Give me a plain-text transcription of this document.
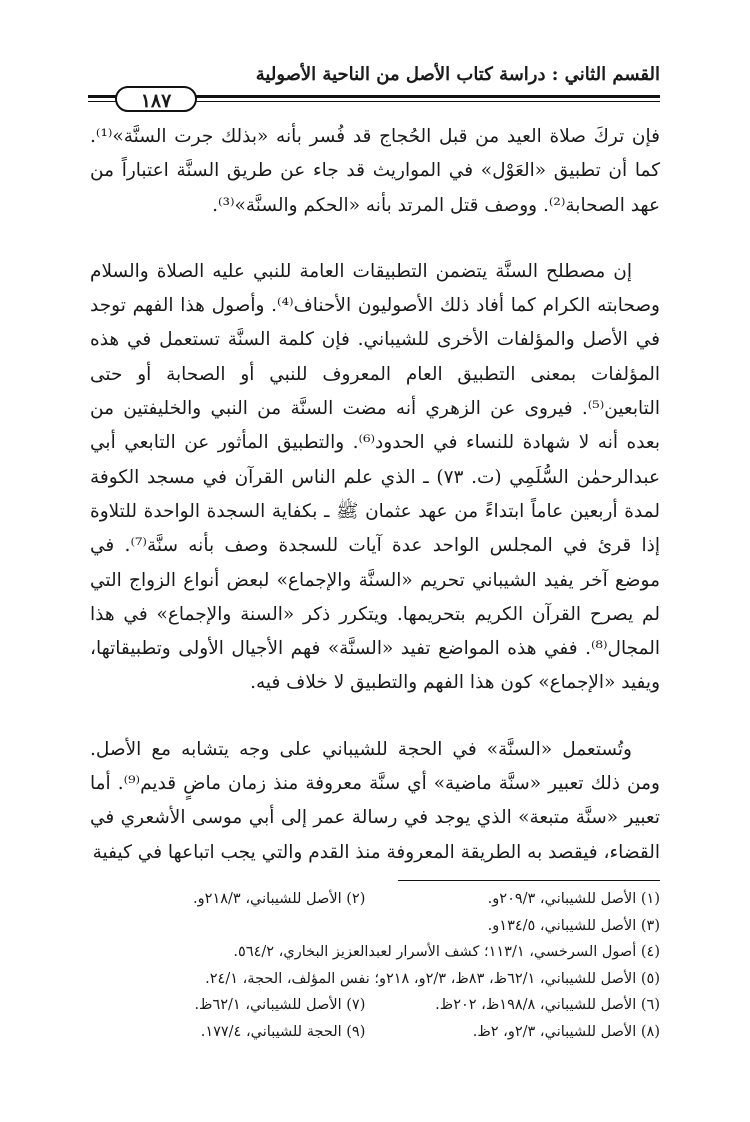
القسم الثاني : دراسة كتاب الأصل من الناحية الأصولية
١٨٧

فإن تركَ صلاة العيد من قبل الحُجاج قد فُسر بأنه «بذلك جرت السنَّة»⁽¹⁾. كما أن تطبيق «العَوْل» في المواريث قد جاء عن طريق السنَّة اعتباراً من عهد الصحابة⁽²⁾. ووصف قتل المرتد بأنه «الحكم والسنَّة»⁽³⁾.

إن مصطلح السنَّة يتضمن التطبيقات العامة للنبي عليه الصلاة والسلام وصحابته الكرام كما أفاد ذلك الأصوليون الأحناف⁽⁴⁾. وأصول هذا الفهم توجد في الأصل والمؤلفات الأخرى للشيباني. فإن كلمة السنَّة تستعمل في هذه المؤلفات بمعنى التطبيق العام المعروف للنبي أو الصحابة أو حتى التابعين⁽⁵⁾. فيروى عن الزهري أنه مضت السنَّة من النبي والخليفتين من بعده أنه لا شهادة للنساء في الحدود⁽⁶⁾. والتطبيق المأثور عن التابعي أبي عبدالرحمٰن السُّلَمِي (ت. ٧٣) ـ الذي علم الناس القرآن في مسجد الكوفة لمدة أربعين عاماً ابتداءً من عهد عثمان ﷺ ـ بكفاية السجدة الواحدة للتلاوة إذا قرئ في المجلس الواحد عدة آيات للسجدة وصف بأنه سنَّة⁽⁷⁾. في موضع آخر يفيد الشيباني تحريم «السنَّة والإجماع» لبعض أنواع الزواج التي لم يصرح القرآن الكريم بتحريمها. ويتكرر ذكر «السنة والإجماع» في هذا المجال⁽⁸⁾. ففي هذه المواضع تفيد «السنَّة» فهم الأجيال الأولى وتطبيقاتها، ويفيد «الإجماع» كون هذا الفهم والتطبيق لا خلاف فيه.

وتُستعمل «السنَّة» في الحجة للشيباني على وجه يتشابه مع الأصل. ومن ذلك تعبير «سنَّة ماضية» أي سنَّة معروفة منذ زمان ماضٍ قديم⁽⁹⁾. أما تعبير «سنَّة متبعة» الذي يوجد في رسالة عمر إلى أبي موسى الأشعري في القضاء، فيقصد به الطريقة المعروفة منذ القدم والتي يجب اتباعها في كيفية

(١) الأصل للشيباني، ٢٠٩/٣و. (٢) الأصل للشيباني، ٢١٨/٣و.
(٣) الأصل للشيباني، ١٣٤/٥و.
(٤) أصول السرخسي، ١١٣/١؛ كشف الأسرار لعبدالعزيز البخاري، ٥٦٤/٢.
(٥) الأصل للشيباني، ٦٢/١ظ، ٨٣ظ، ٢/٣و، ٢١٨و؛ نفس المؤلف، الحجة، ٢٤/١.
(٦) الأصل للشيباني، ١٩٨/٨ظ، ٢٠٢ظ. (٧) الأصل للشيباني، ٦٢/١ظ.
(٨) الأصل للشيباني، ٢/٣و، ٢ظ. (٩) الحجة للشيباني، ١٧٧/٤.
